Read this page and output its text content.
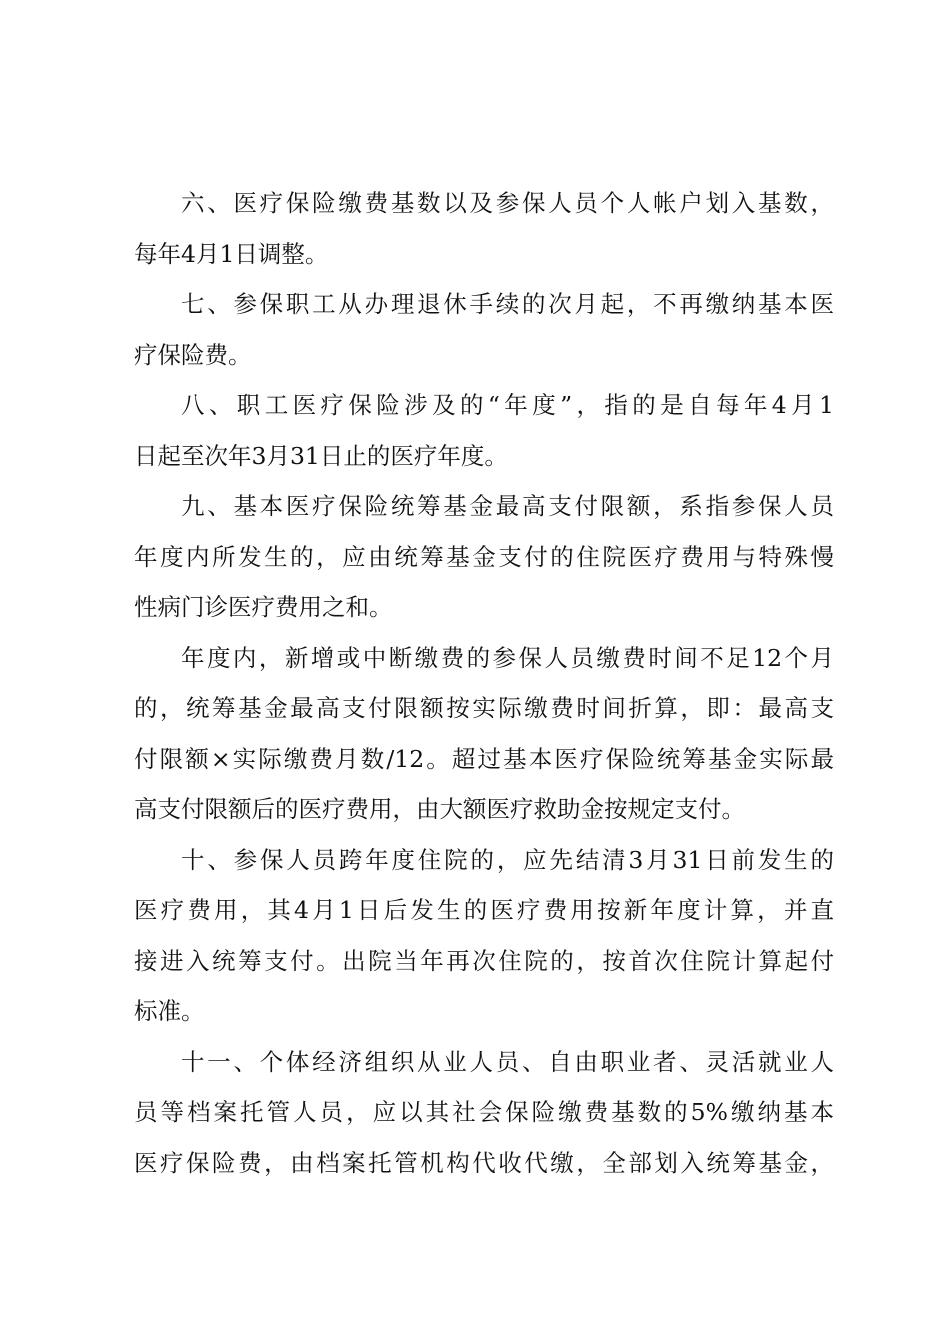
六、医疗保险缴费基数以及参保人员个人帐户划入基数，
每年4月1日调整。
七、参保职工从办理退休手续的次月起，不再缴纳基本医
疗保险费。
八、职工医疗保险涉及的“年度”，指的是自每年4月1
日起至次年3月31日止的医疗年度。
九、基本医疗保险统筹基金最高支付限额，系指参保人员
年度内所发生的，应由统筹基金支付的住院医疗费用与特殊慢
性病门诊医疗费用之和。
年度内，新增或中断缴费的参保人员缴费时间不足12个月
的，统筹基金最高支付限额按实际缴费时间折算，即：最高支
付限额×实际缴费月数/12。超过基本医疗保险统筹基金实际最
高支付限额后的医疗费用，由大额医疗救助金按规定支付。
十、参保人员跨年度住院的，应先结清3月31日前发生的
医疗费用，其4月1日后发生的医疗费用按新年度计算，并直
接进入统筹支付。出院当年再次住院的，按首次住院计算起付
标准。
十一、个体经济组织从业人员、自由职业者、灵活就业人
员等档案托管人员，应以其社会保险缴费基数的5%缴纳基本
医疗保险费，由档案托管机构代收代缴，全部划入统筹基金，
